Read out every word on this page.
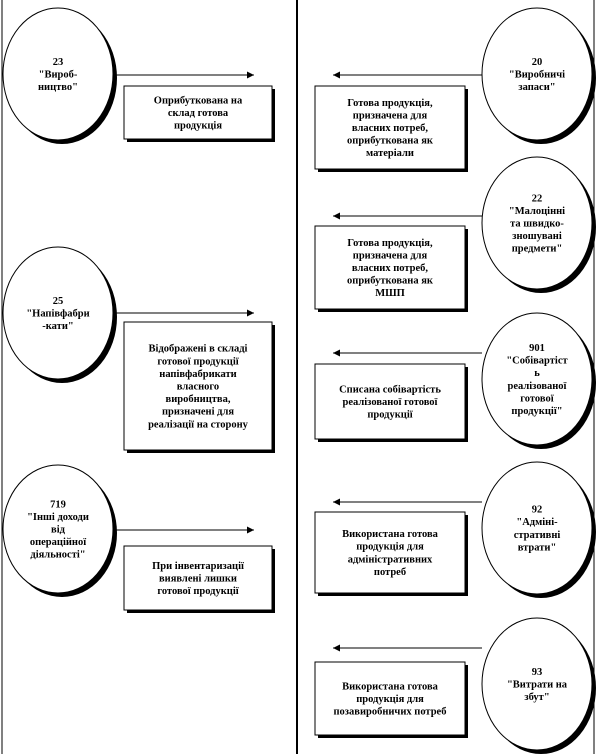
23 "Вироб-ництво"
25 "Напівфабри -кати"
719 "Інші доходи від операційної діяльності"
Оприбуткована на склад готова продукція
Відображені в складі готової продукції напівфабрикати власного виробництва, призначені для реалізації на сторону
При інвентаризації виявлені лишки готової продукції
20 "Виробничі запаси"
22 "Малоцінні та швидко-зношувані предмети"
901 "Собівартіст ь реалізованої готової продукції"
92 "Адміні-стративні втрати"
93 "Витрати на збут"
Готова продукція, призначена для власних потреб, оприбуткована як матеріали
Готова продукція, призначена для власних потреб, оприбуткована як МШП
Списана собівартість реалізованої готової продукції
Використана готова продукція для адміністративних потреб
Використана готова продукція для позавиробничих потреб
